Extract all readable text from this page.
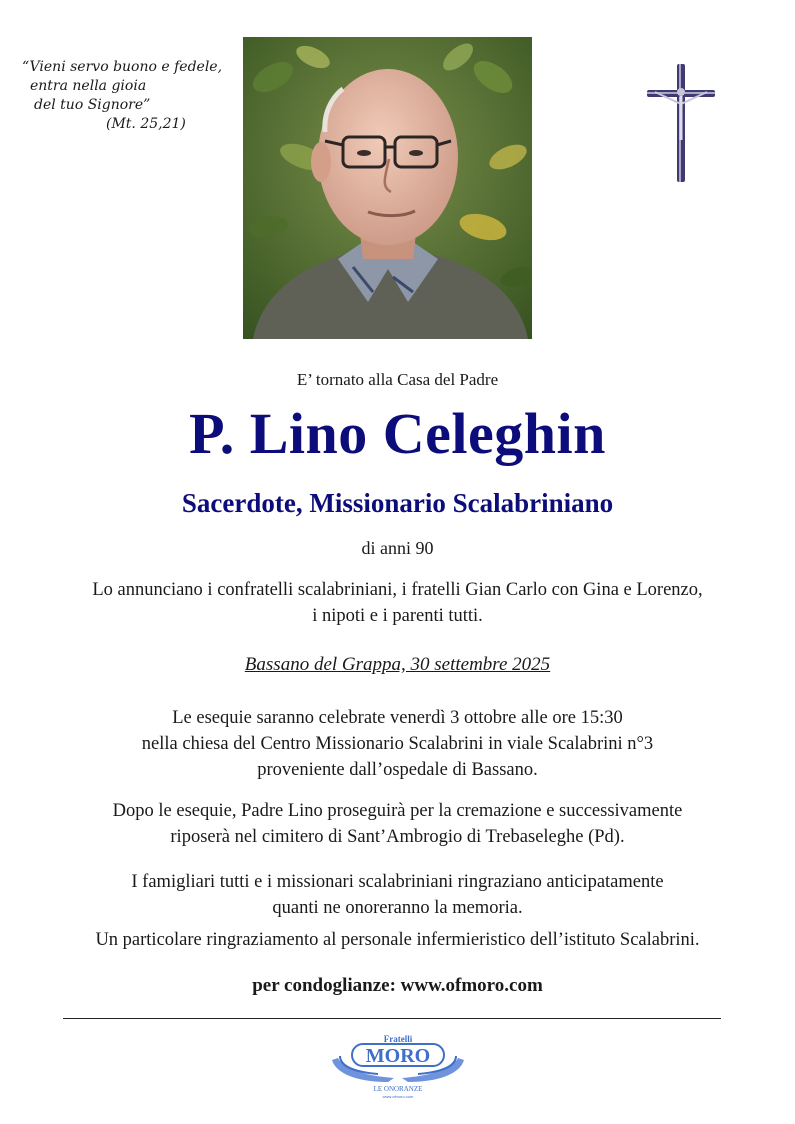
“Vieni servo buono e fedele,
entra nella gioia
del tuo Signore”
(Mt. 25,21)
E’ tornato alla Casa del Padre
P. Lino Celeghin
Sacerdote, Missionario Scalabriniano
di anni 90
Lo annunciano i confratelli scalabriniani, i fratelli Gian Carlo con Gina e Lorenzo,
i nipoti e i parenti tutti.
Bassano del Grappa, 30 settembre 2025
Le esequie saranno celebrate venerdì 3 ottobre alle ore 15:30
nella chiesa del Centro Missionario Scalabrini in viale Scalabrini n°3
proveniente dall’ospedale di Bassano.
Dopo le esequie, Padre Lino proseguirà per la cremazione e successivamente
riposerà nel cimitero di Sant’Ambrogio di Trebaseleghe (Pd).
I famigliari tutti e i missionari scalabriniani ringraziano anticipatamente
quanti ne onoreranno la memoria.
Un particolare ringraziamento al personale infermieristico dell’istituto Scalabrini.
per condoglianze: www.ofmoro.com
Fratelli
MORO
LE ONORANZE
www.ofmoro.com
